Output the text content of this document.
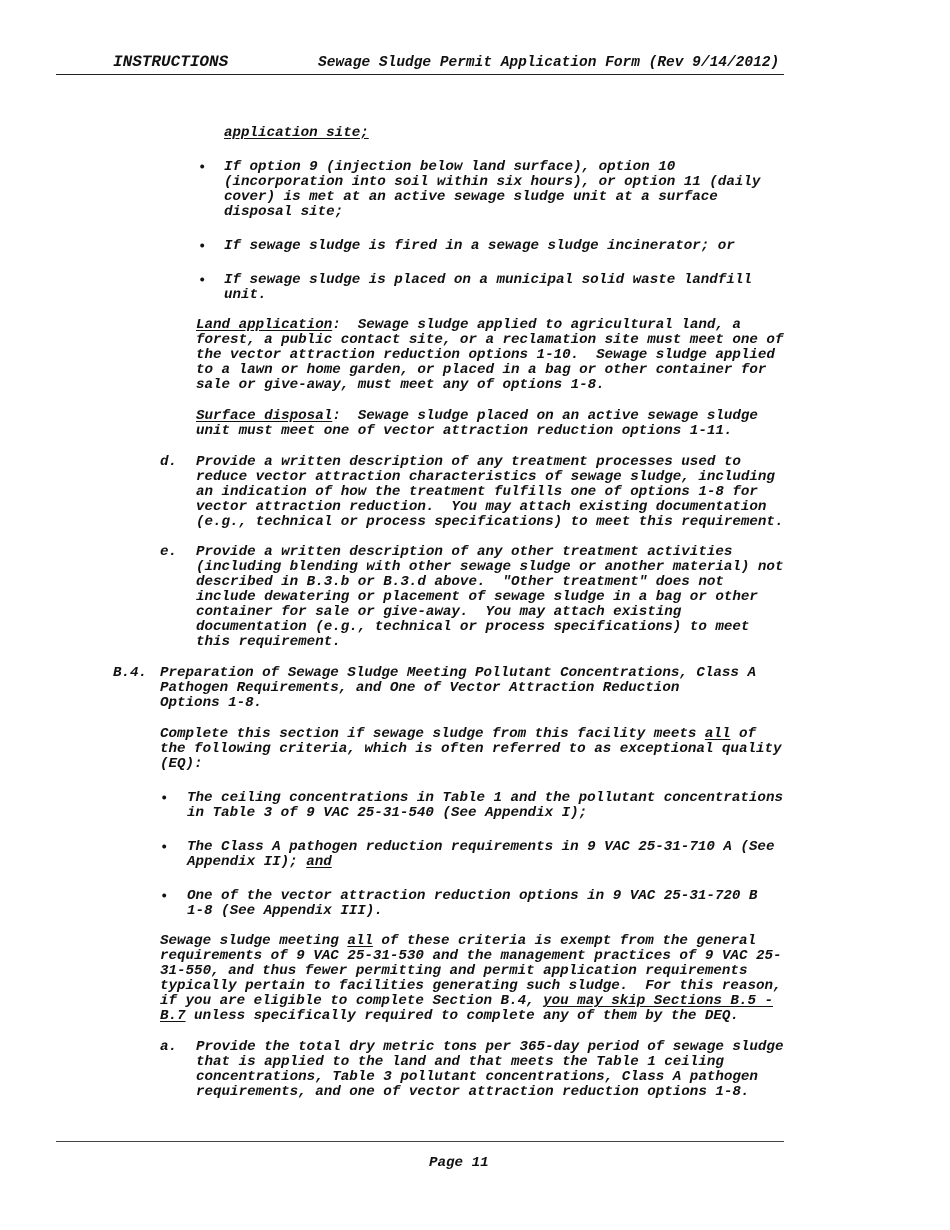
INSTRUCTIONS	Sewage Sludge Permit Application Form (Rev 9/14/2012)
application site;
• If option 9 (injection below land surface), option 10
(incorporation into soil within six hours), or option 11 (daily
cover) is met at an active sewage sludge unit at a surface
disposal site;
• If sewage sludge is fired in a sewage sludge incinerator; or
• If sewage sludge is placed on a municipal solid waste landfill
unit.
Land application:  Sewage sludge applied to agricultural land, a
forest, a public contact site, or a reclamation site must meet one of
the vector attraction reduction options 1-10.  Sewage sludge applied
to a lawn or home garden, or placed in a bag or other container for
sale or give-away, must meet any of options 1-8.
Surface disposal:  Sewage sludge placed on an active sewage sludge
unit must meet one of vector attraction reduction options 1-11.
d. Provide a written description of any treatment processes used to
reduce vector attraction characteristics of sewage sludge, including
an indication of how the treatment fulfills one of options 1-8 for
vector attraction reduction.  You may attach existing documentation
(e.g., technical or process specifications) to meet this requirement.
e. Provide a written description of any other treatment activities
(including blending with other sewage sludge or another material) not
described in B.3.b or B.3.d above.  "Other treatment" does not
include dewatering or placement of sewage sludge in a bag or other
container for sale or give-away.  You may attach existing
documentation (e.g., technical or process specifications) to meet
this requirement.
B.4. Preparation of Sewage Sludge Meeting Pollutant Concentrations, Class A
Pathogen Requirements, and One of Vector Attraction Reduction
Options 1-8.
Complete this section if sewage sludge from this facility meets all of
the following criteria, which is often referred to as exceptional quality
(EQ):
• The ceiling concentrations in Table 1 and the pollutant concentrations
in Table 3 of 9 VAC 25-31-540 (See Appendix I);
• The Class A pathogen reduction requirements in 9 VAC 25-31-710 A (See
Appendix II); and
• One of the vector attraction reduction options in 9 VAC 25-31-720 B
1-8 (See Appendix III).
Sewage sludge meeting all of these criteria is exempt from the general
requirements of 9 VAC 25-31-530 and the management practices of 9 VAC 25-
31-550, and thus fewer permitting and permit application requirements
typically pertain to facilities generating such sludge.  For this reason,
if you are eligible to complete Section B.4, you may skip Sections B.5 -
B.7 unless specifically required to complete any of them by the DEQ.
a. Provide the total dry metric tons per 365-day period of sewage sludge
that is applied to the land and that meets the Table 1 ceiling
concentrations, Table 3 pollutant concentrations, Class A pathogen
requirements, and one of vector attraction reduction options 1-8.
Page 11
